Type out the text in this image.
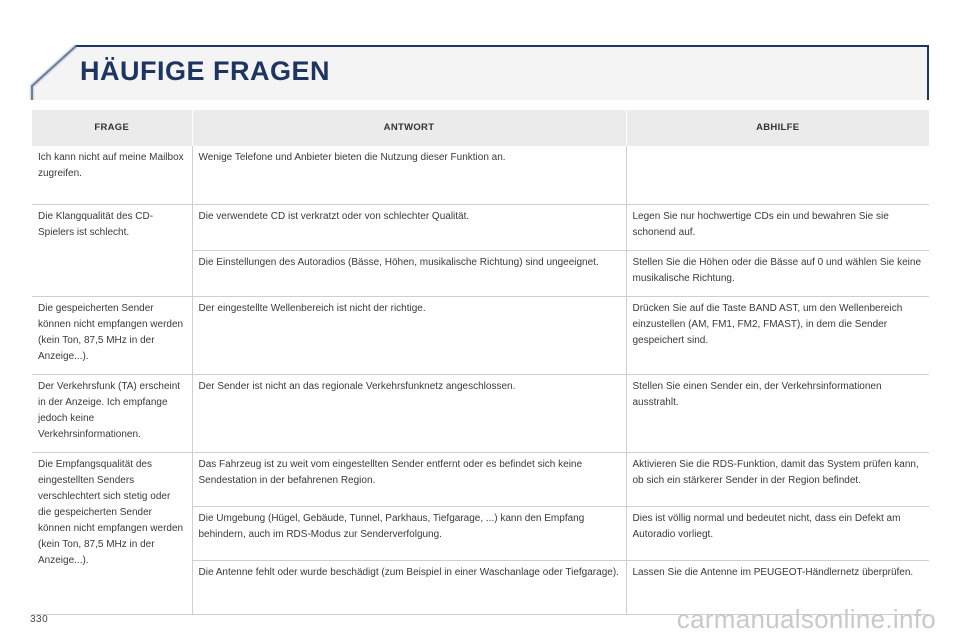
HÄUFIGE FRAGEN
FRAGE	ANTWORT	ABHILFE
Ich kann nicht auf meine Mailbox zugreifen.	Wenige Telefone und Anbieter bieten die Nutzung dieser Funktion an.	
Die Klangqualität des CD-Spielers ist schlecht.	Die verwendete CD ist verkratzt oder von schlechter Qualität.	Legen Sie nur hochwertige CDs ein und bewahren Sie sie schonend auf.
	Die Einstellungen des Autoradios (Bässe, Höhen, musikalische Richtung) sind ungeeignet.	Stellen Sie die Höhen oder die Bässe auf 0 und wählen Sie keine musikalische Richtung.
Die gespeicherten Sender können nicht empfangen werden (kein Ton, 87,5 MHz in der Anzeige...).	Der eingestellte Wellenbereich ist nicht der richtige.	Drücken Sie auf die Taste BAND AST, um den Wellenbereich einzustellen (AM, FM1, FM2, FMAST), in dem die Sender gespeichert sind.
Der Verkehrsfunk (TA) erscheint in der Anzeige. Ich empfange jedoch keine Verkehrsinformationen.	Der Sender ist nicht an das regionale Verkehrsfunknetz angeschlossen.	Stellen Sie einen Sender ein, der Verkehrsinformationen ausstrahlt.
Die Empfangsqualität des eingestellten Senders verschlechtert sich stetig oder die gespeicherten Sender können nicht empfangen werden (kein Ton, 87,5 MHz in der Anzeige...).	Das Fahrzeug ist zu weit vom eingestellten Sender entfernt oder es befindet sich keine Sendestation in der befahrenen Region.	Aktivieren Sie die RDS-Funktion, damit das System prüfen kann, ob sich ein stärkerer Sender in der Region befindet.
	Die Umgebung (Hügel, Gebäude, Tunnel, Parkhaus, Tiefgarage, ...) kann den Empfang behindern, auch im RDS-Modus zur Senderverfolgung.	Dies ist völlig normal und bedeutet nicht, dass ein Defekt am Autoradio vorliegt.
	Die Antenne fehlt oder wurde beschädigt (zum Beispiel in einer Waschanlage oder Tiefgarage).	Lassen Sie die Antenne im PEUGEOT-Händlernetz überprüfen.
330	carmanualsonline.info
